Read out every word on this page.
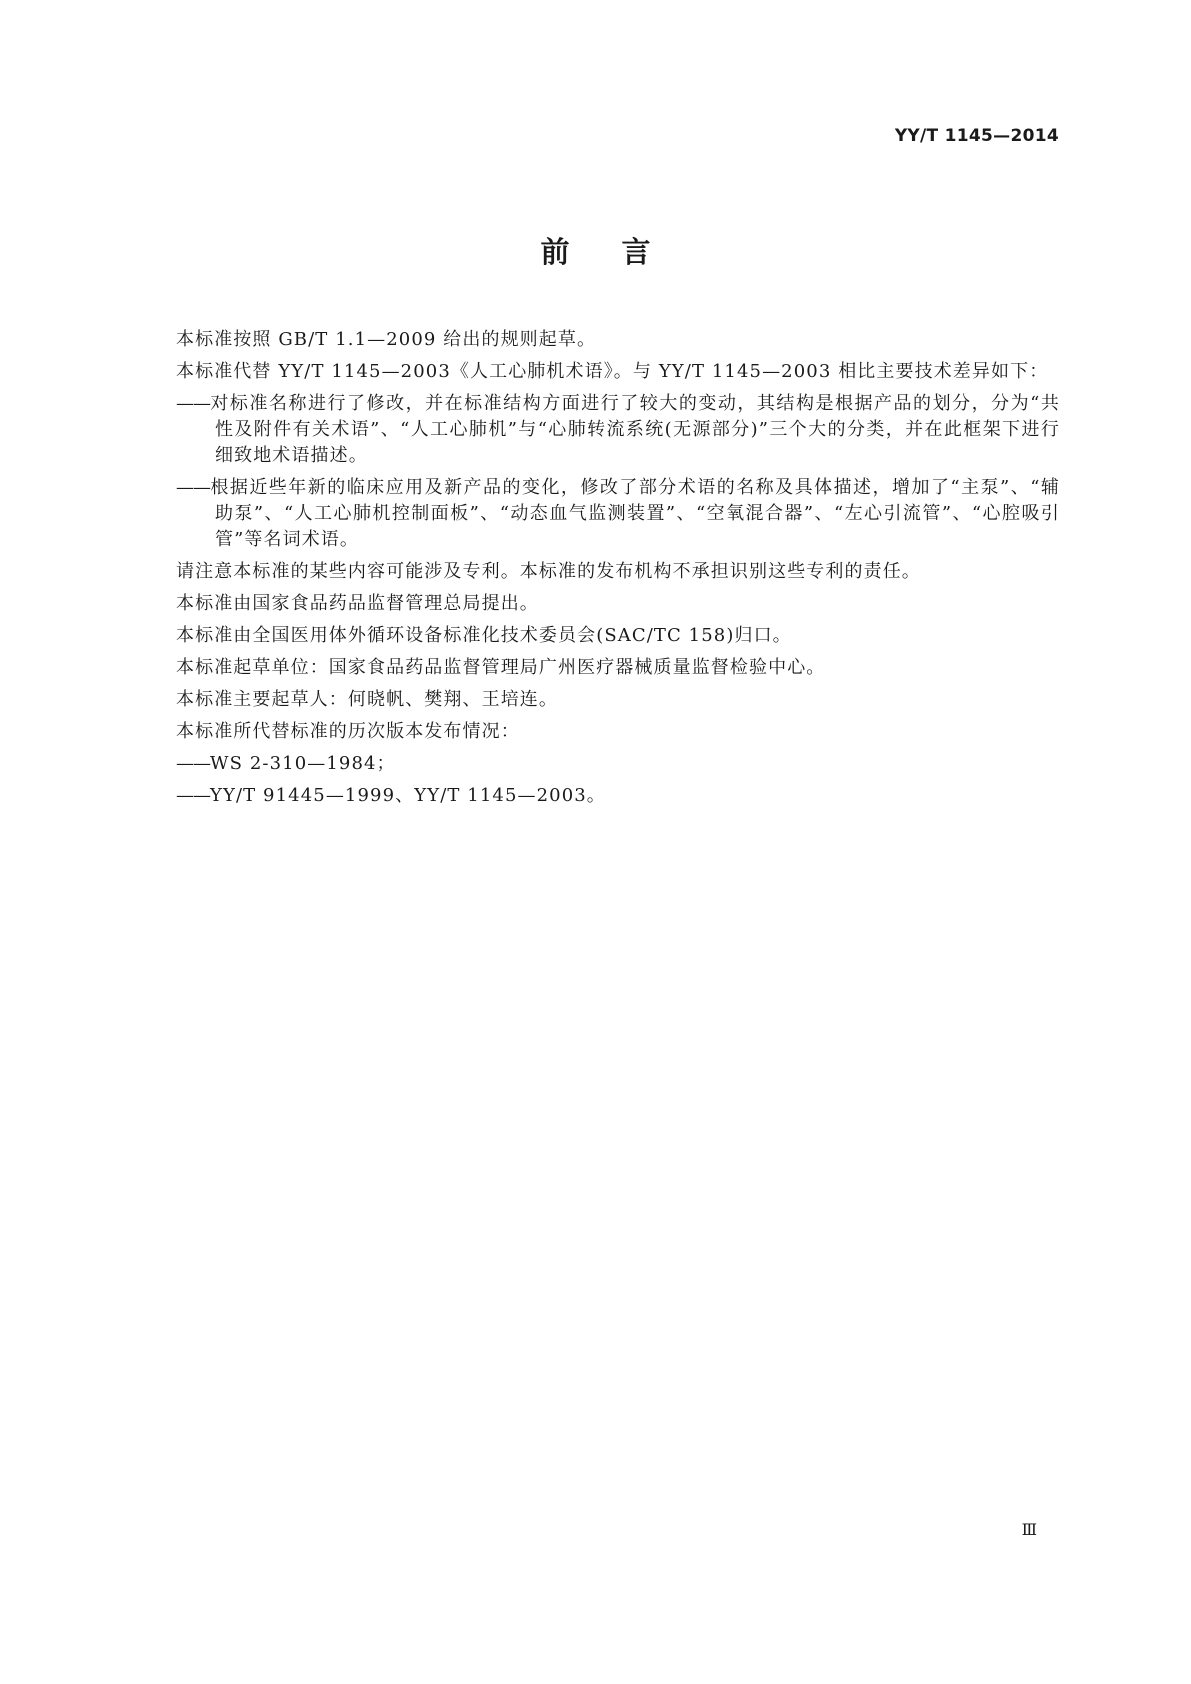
YY/T 1145—2014
前言

本标准按照 GB/T 1.1—2009 给出的规则起草。

本标准代替 YY/T 1145—2003《人工心肺机术语》。与 YY/T 1145—2003 相比主要技术差异如下：

——对标准名称进行了修改，并在标准结构方面进行了较大的变动，其结构是根据产品的划分，分为“共性及附件有关术语”、“人工心肺机”与“心肺转流系统(无源部分)”三个大的分类，并在此框架下进行细致地术语描述。

——根据近些年新的临床应用及新产品的变化，修改了部分术语的名称及具体描述，增加了“主泵”、“辅助泵”、“人工心肺机控制面板”、“动态血气监测装置”、“空氧混合器”、“左心引流管”、“心腔吸引管”等名词术语。

请注意本标准的某些内容可能涉及专利。本标准的发布机构不承担识别这些专利的责任。

本标准由国家食品药品监督管理总局提出。

本标准由全国医用体外循环设备标准化技术委员会(SAC/TC 158)归口。

本标准起草单位：国家食品药品监督管理局广州医疗器械质量监督检验中心。

本标准主要起草人：何晓帆、樊翔、王培连。

本标准所代替标准的历次版本发布情况：

——WS 2-310—1984；

——YY/T 91445—1999、YY/T 1145—2003。

Ⅲ
